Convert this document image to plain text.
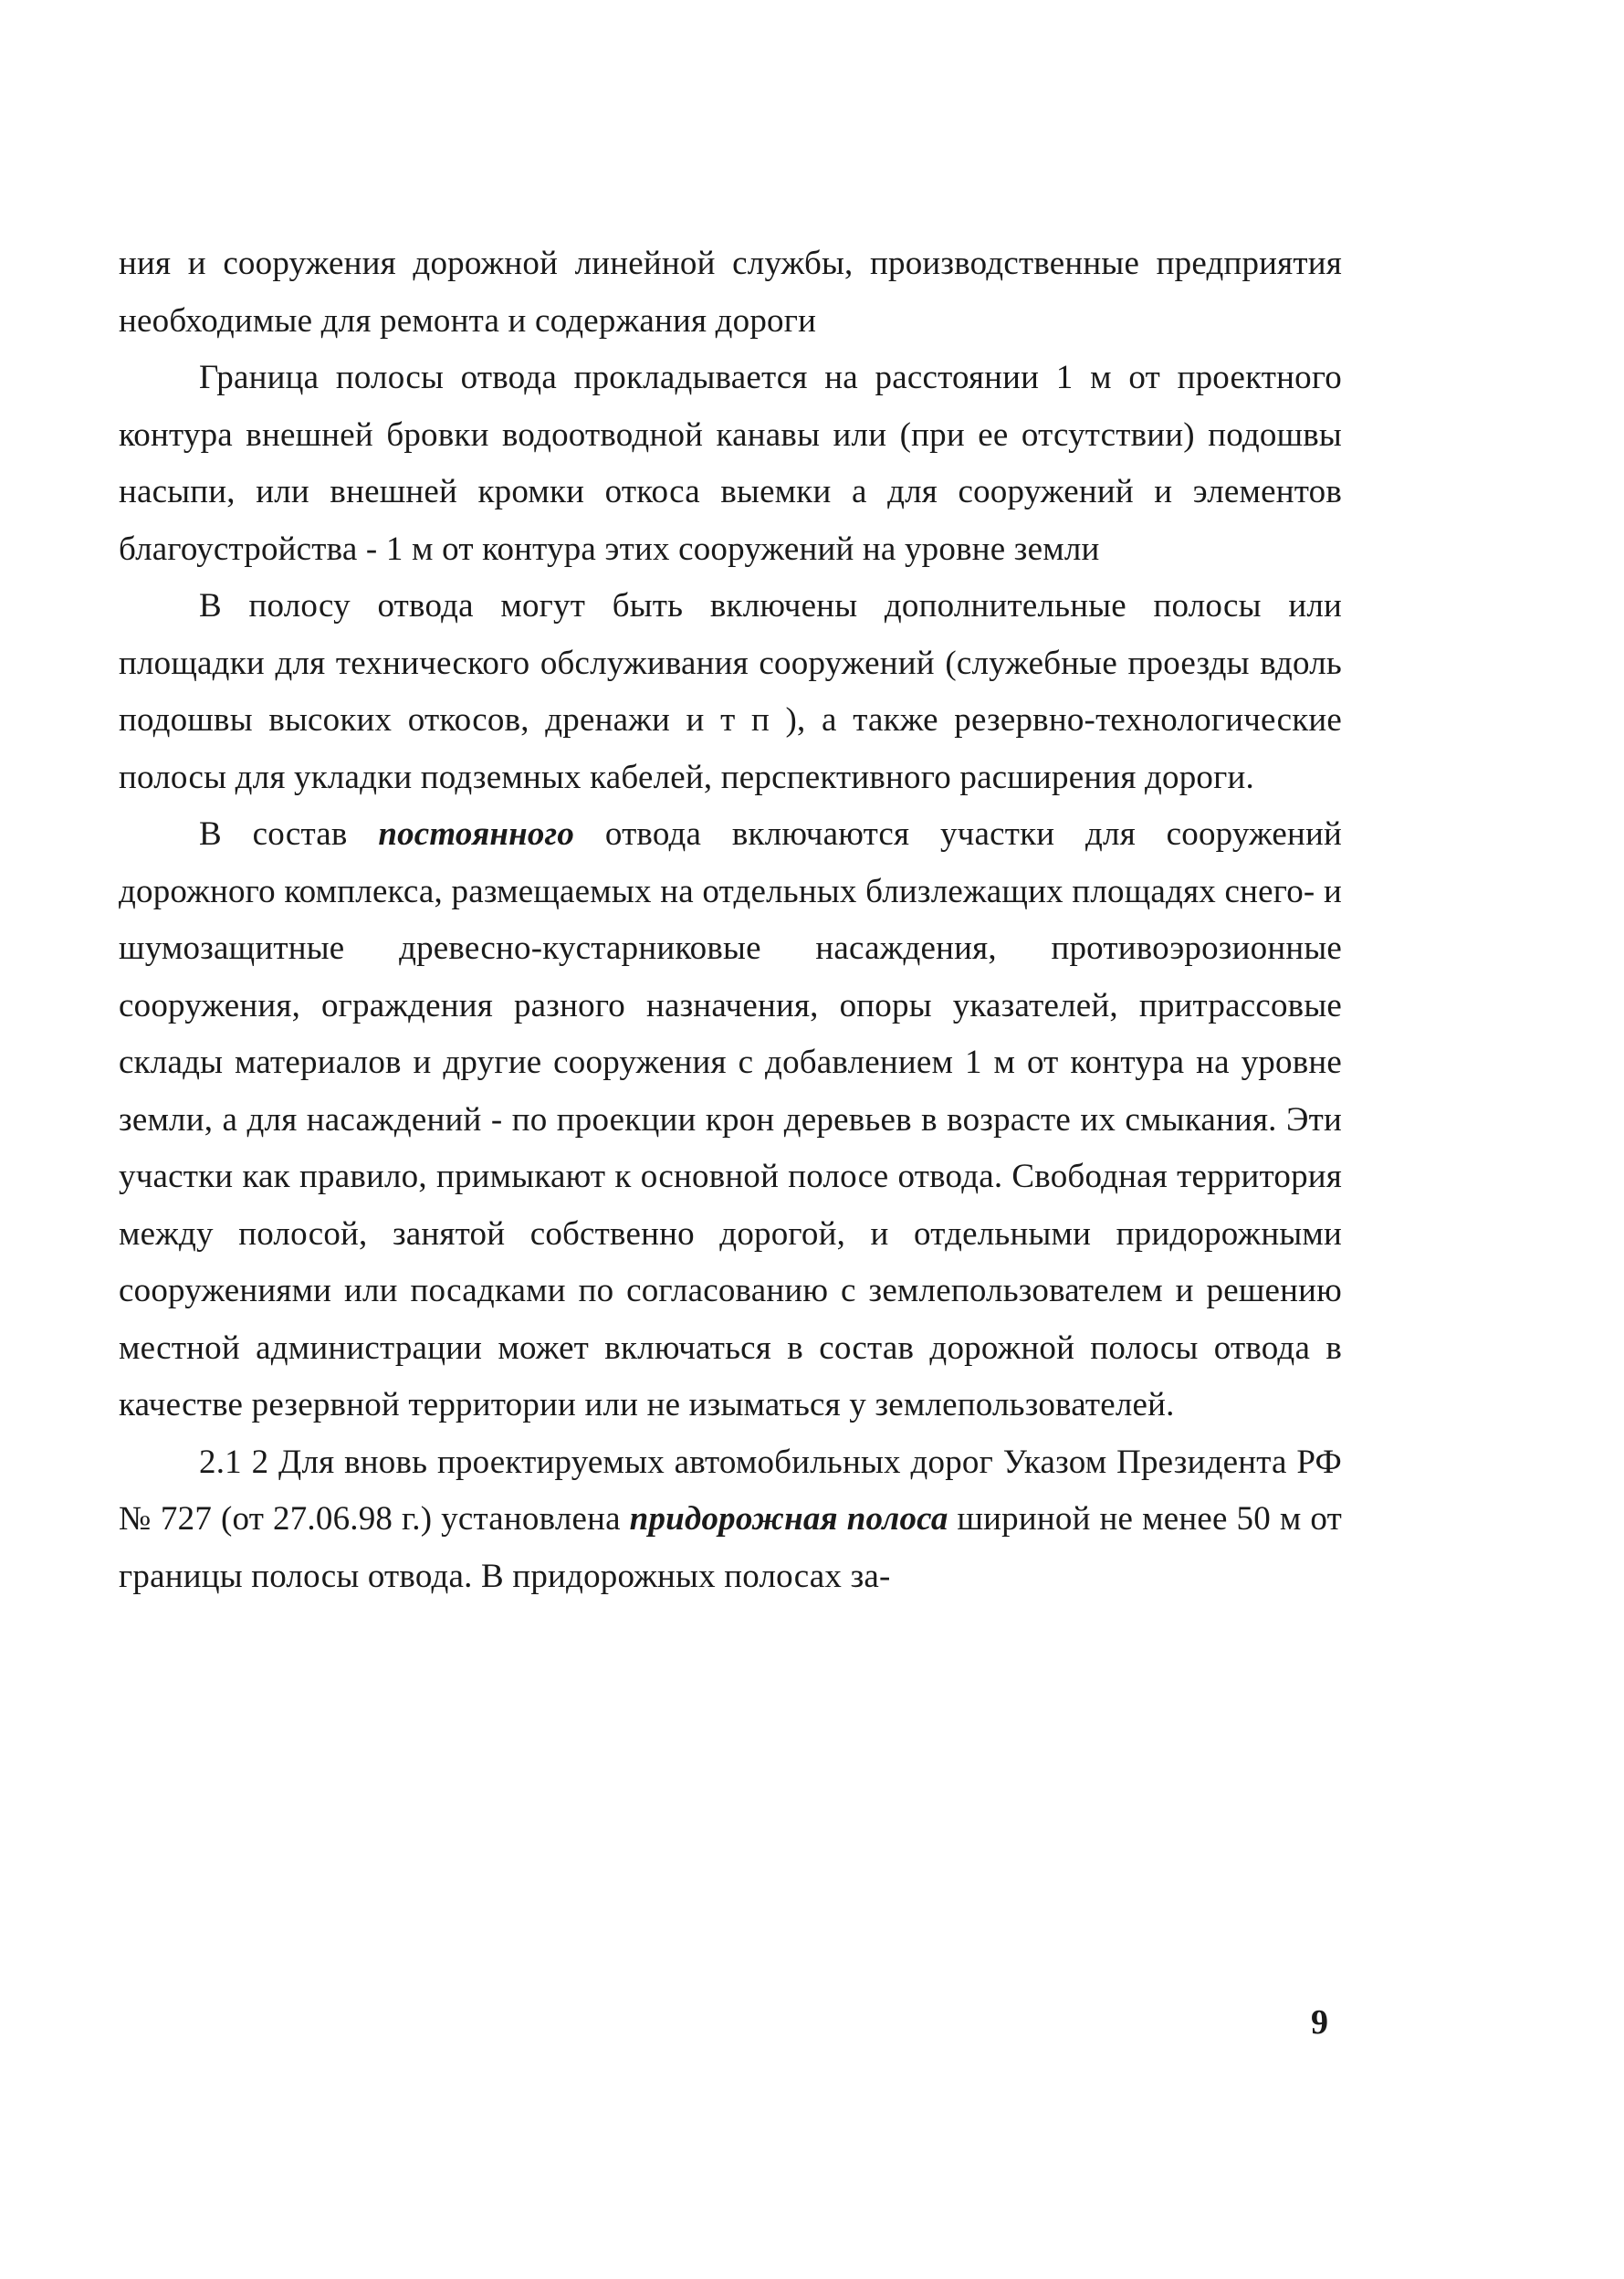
ния и сооружения дорожной линейной службы, производственные предприятия необходимые для ремонта и содержания дороги

Граница полосы отвода прокладывается на расстоянии 1 м от проектного контура внешней бровки водоотводной канавы или (при ее отсутствии) подошвы насыпи, или внешней кромки откоса выемки а для сооружений и элементов благоустройства - 1 м от контура этих сооружений на уровне земли

В полосу отвода могут быть включены дополнительные полосы или площадки для технического обслуживания сооружений (служебные проезды вдоль подошвы высоких откосов, дренажи и т п ), а также резервно-технологические полосы для укладки подземных кабелей, перспективного расширения дороги.

В состав постоянного отвода включаются участки для сооружений дорожного комплекса, размещаемых на отдельных близлежащих площадях снего- и шумозащитные древесно-кустарниковые насаждения, противоэрозионные сооружения, ограждения разного назначения, опоры указателей, притрассовые склады материалов и другие сооружения с добавлением 1 м от контура на уровне земли, а для насаждений - по проекции крон деревьев в возрасте их смыкания. Эти участки как правило, примыкают к основной полосе отвода. Свободная территория между полосой, занятой собственно дорогой, и отдельными придорожными сооружениями или посадками по согласованию с землепользователем и решению местной администрации может включаться в состав дорожной полосы отвода в качестве резервной территории или не изыматься у землепользователей.

2.1 2 Для вновь проектируемых автомобильных дорог Указом Президента РФ № 727 (от 27.06.98 г.) установлена придорожная полоса шириной не менее 50 м от границы полосы отвода. В придорожных полосах за-

9
